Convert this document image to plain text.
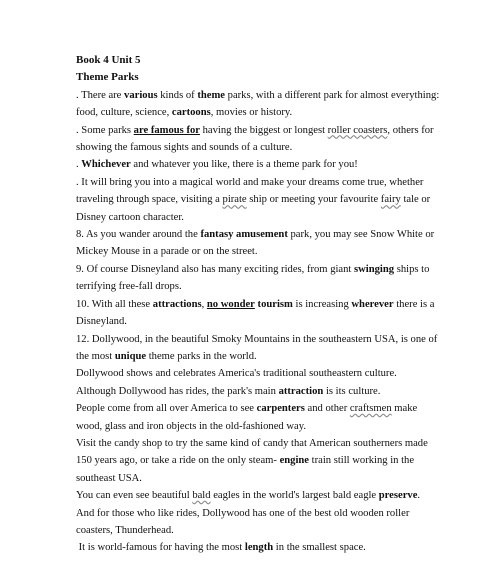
Book 4 Unit 5
Theme Parks
. There are various kinds of theme parks, with a different park for almost everything:
food, culture, science, cartoons, movies or history.
. Some parks are famous for having the biggest or longest roller coasters, others for
showing the famous sights and sounds of a culture.
. Whichever and whatever you like, there is a theme park for you!
. It will bring you into a magical world and make your dreams come true, whether
traveling through space, visiting a pirate ship or meeting your favourite fairy tale or
Disney cartoon character.
8. As you wander around the fantasy amusement park, you may see Snow White or
Mickey Mouse in a parade or on the street.
9. Of course Disneyland also has many exciting rides, from giant swinging ships to
terrifying free-fall drops.
10. With all these attractions, no wonder tourism is increasing wherever there is a
Disneyland.
12. Dollywood, in the beautiful Smoky Mountains in the southeastern USA, is one of
the most unique theme parks in the world.
Dollywood shows and celebrates America's traditional southeastern culture.
Although Dollywood has rides, the park's main attraction is its culture.
People come from all over America to see carpenters and other craftsmen make
wood, glass and iron objects in the old-fashioned way.
Visit the candy shop to try the same kind of candy that American southerners made
150 years ago, or take a ride on the only steam- engine train still working in the
southeast USA.
You can even see beautiful bald eagles in the world's largest bald eagle preserve.
And for those who like rides, Dollywood has one of the best old wooden roller
coasters, Thunderhead.
It is world-famous for having the most length in the smallest space.
